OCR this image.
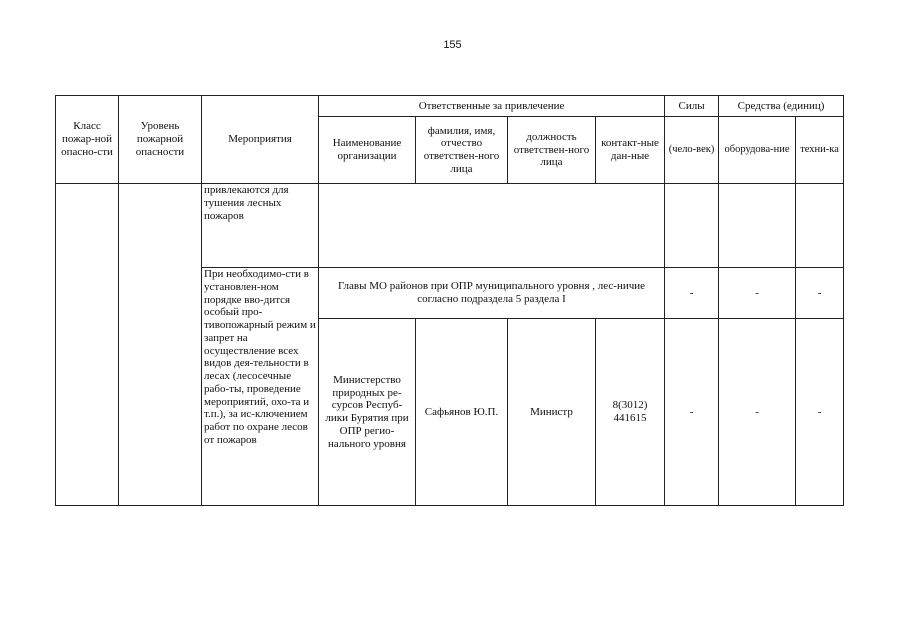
155
Класс пожар-ной опасно-сти	Уровень пожарной опасности	Мероприятия	Ответственные за привлечение				Силы	Средства (единиц)	
			Наименование организации	фамилия, имя, отчество ответствен-ного лица	должность ответствен-ного лица	контакт-ные дан-ные	(чело-век)	оборудова-ние	техни-ка
		привлекаются для тушения лесных пожаров							
		При необходимо-сти в установлен-ном порядке вво-дится особый про-тивопожарный режим и запрет на осуществление всех видов дея-тельности в лесах (лесосечные рабо-ты, проведение мероприятий, охо-та и т.п.), за ис-ключением работ по охране лесов от пожаров	Главы МО районов при ОПР муниципального уровня , лес-ничие согласно подраздела 5 раздела I				-	-	-
			Министерство природных ре-сурсов Респуб-лики Бурятия при ОПР регио-нального уровня	Сафьянов Ю.П.	Министр	8(3012) 441615	-	-	-
